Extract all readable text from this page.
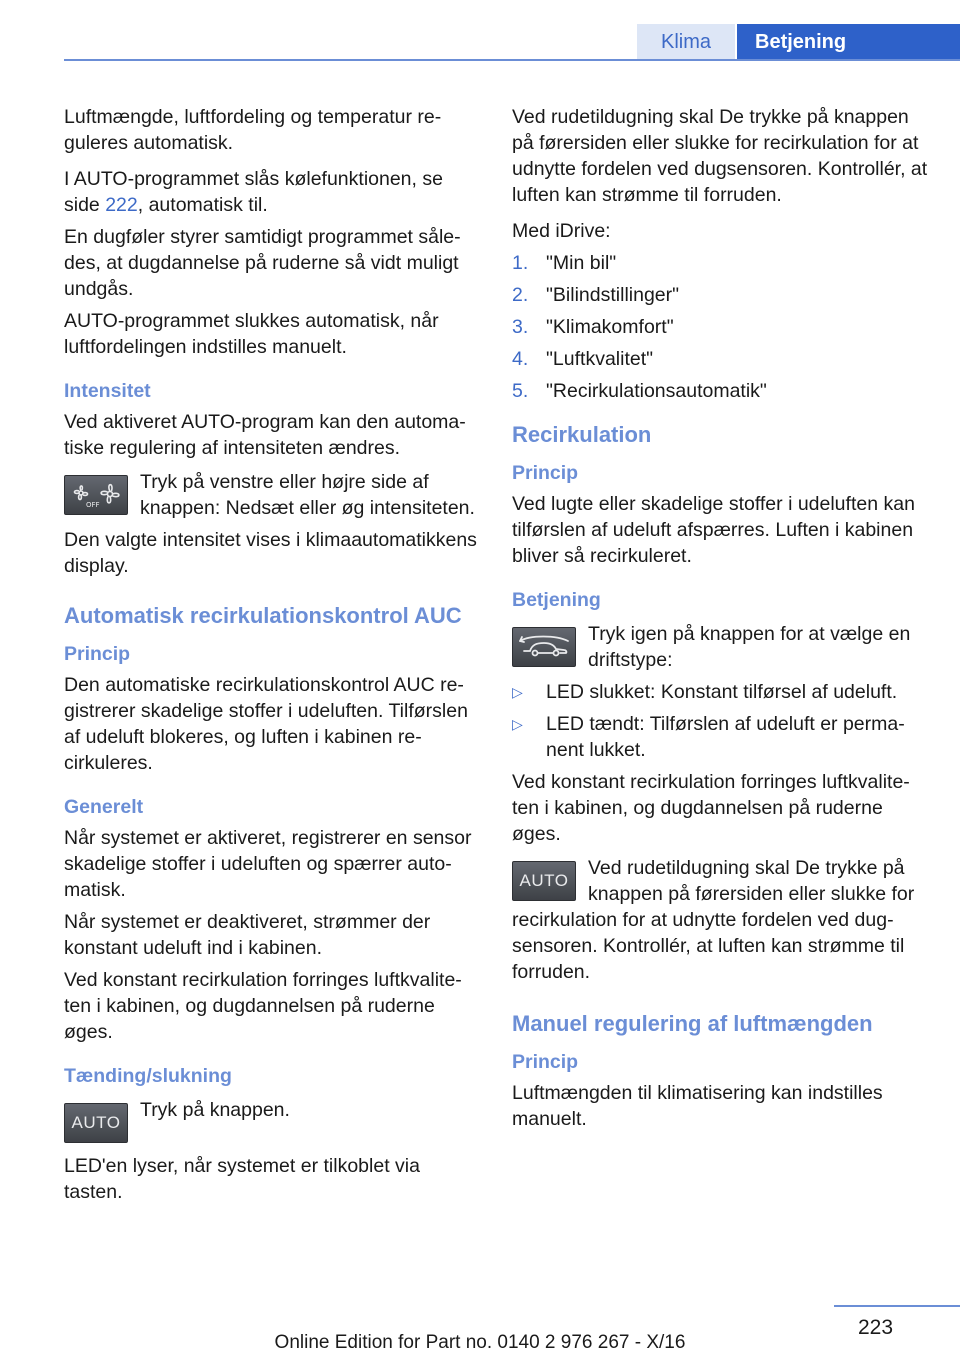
Klima	Betjening

Luftmængde, luftfordeling og temperatur reguleres automatisk.

I AUTO-programmet slås kølefunktionen, se side 222, automatisk til.

En dugføler styrer samtidigt programmet således, at dugdannelse på ruderne så vidt muligt undgås.

AUTO-programmet slukkes automatisk, når luftfordelingen indstilles manuelt.

Intensitet

Ved aktiveret AUTO-program kan den automatiske regulering af intensiteten ændres.

OFF
Tryk på venstre eller højre side af knappen: Nedsæt eller øg intensiteten.

Den valgte intensitet vises i klimaautomatikkens display.

Automatisk recirkulationskontrol AUC
Princip

Den automatiske recirkulationskontrol AUC registrerer skadelige stoffer i udeluften. Tilførslen af udeluft blokeres, og luften i kabinen recirkuleres.

Generelt

Når systemet er aktiveret, registrerer en sensor skadelige stoffer i udeluften og spærrer automatisk.

Når systemet er deaktiveret, strømmer der konstant udeluft ind i kabinen.

Ved konstant recirkulation forringes luftkvaliteten i kabinen, og dugdannelsen på ruderne øges.

Tænding/slukning
AUTO
Tryk på knappen.
LED'en lyser, når systemet er tilkoblet via tasten.

Ved rudetildugning skal De trykke på knappen på førersiden eller slukke for recirkulation for at udnytte fordelen ved dugsensoren. Kontrollér, at luften kan strømme til forruden.

Med iDrive:

1. "Min bil"
2. "Bilindstillinger"
3. "Klimakomfort"
4. "Luftkvalitet"
5. "Recirkulationsautomatik"
Recirkulation
Princip

Ved lugte eller skadelige stoffer i udeluften kan tilførslen af udeluft afspærres. Luften i kabinen bliver så recirkuleret.

Betjening
Tryk igen på knappen for at vælge en driftstype:
▷	LED slukket: Konstant tilførsel af udeluft.
▷	LED tændt: Tilførslen af udeluft er permanent lukket.

Ved konstant recirkulation forringes luftkvaliteten i kabinen, og dugdannelsen på ruderne øges.

AUTO
Ved rudetildugning skal De trykke på knappen på førersiden eller slukke for recirkulation for at udnytte fordelen ved dugsensoren. Kontrollér, at luften kan strømme til forruden.
Manuel regulering af luftmængden
Princip

Luftmængden til klimatisering kan indstilles manuelt.

223
Online Edition for Part no. 0140 2 976 267 - X/16
